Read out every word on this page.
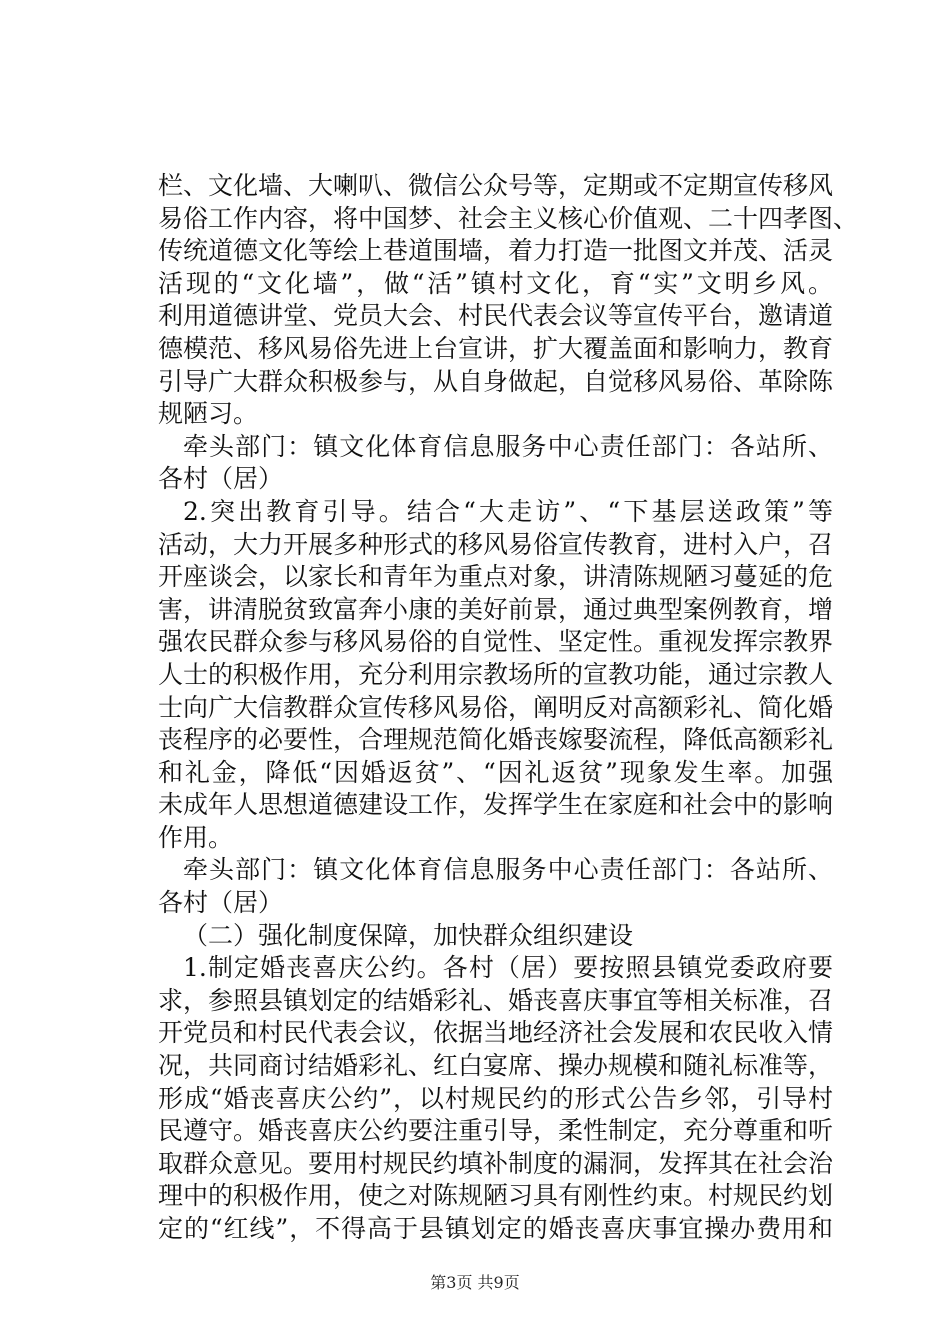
栏、文化墙、大喇叭、微信公众号等，定期或不定期宣传移风
易俗工作内容，将中国梦、社会主义核心价值观、二十四孝图、
传统道德文化等绘上巷道围墙，着力打造一批图文并茂、活灵
活现的“文化墙”，做“活”镇村文化，育“实”文明乡风。
利用道德讲堂、党员大会、村民代表会议等宣传平台，邀请道
德模范、移风易俗先进上台宣讲，扩大覆盖面和影响力，教育
引导广大群众积极参与，从自身做起，自觉移风易俗、革除陈
规陋习。
牵头部门：镇文化体育信息服务中心责任部门：各站所、
各村（居）
2.突出教育引导。结合“大走访”、“下基层送政策”等
活动，大力开展多种形式的移风易俗宣传教育，进村入户，召
开座谈会，以家长和青年为重点对象，讲清陈规陋习蔓延的危
害，讲清脱贫致富奔小康的美好前景，通过典型案例教育，增
强农民群众参与移风易俗的自觉性、坚定性。重视发挥宗教界
人士的积极作用，充分利用宗教场所的宣教功能，通过宗教人
士向广大信教群众宣传移风易俗，阐明反对高额彩礼、简化婚
丧程序的必要性，合理规范简化婚丧嫁娶流程，降低高额彩礼
和礼金，降低“因婚返贫”、“因礼返贫”现象发生率。加强
未成年人思想道德建设工作，发挥学生在家庭和社会中的影响
作用。
牵头部门：镇文化体育信息服务中心责任部门：各站所、
各村（居）
（二）强化制度保障，加快群众组织建设
1.制定婚丧喜庆公约。各村（居）要按照县镇党委政府要
求，参照县镇划定的结婚彩礼、婚丧喜庆事宜等相关标准，召
开党员和村民代表会议，依据当地经济社会发展和农民收入情
况，共同商讨结婚彩礼、红白宴席、操办规模和随礼标准等，
形成“婚丧喜庆公约”，以村规民约的形式公告乡邻，引导村
民遵守。婚丧喜庆公约要注重引导，柔性制定，充分尊重和听
取群众意见。要用村规民约填补制度的漏洞，发挥其在社会治
理中的积极作用，使之对陈规陋习具有刚性约束。村规民约划
定的“红线”，不得高于县镇划定的婚丧喜庆事宜操办费用和
第3页 共9页
